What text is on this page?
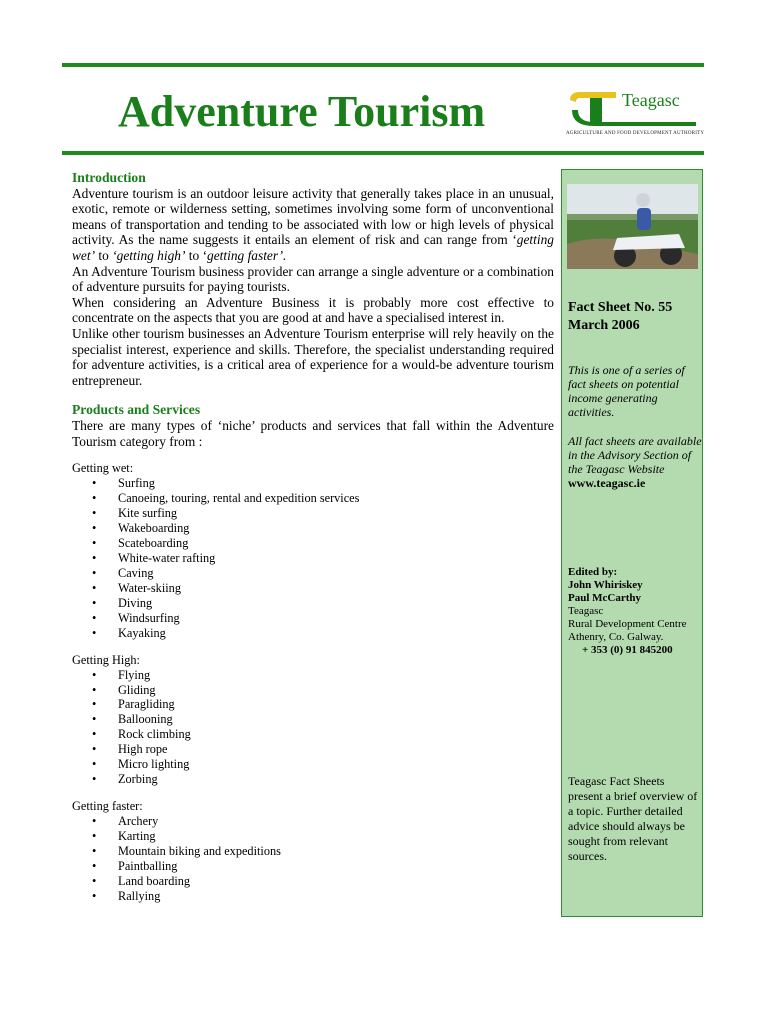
Adventure Tourism	Teagasc
AGRICULTURE AND FOOD DEVELOPMENT AUTHORITY
Introduction
Adventure tourism is an outdoor leisure activity that generally takes place in an unusual, exotic, remote or wilderness setting, sometimes involving some form of unconventional means of transportation and tending to be associated with low or high levels of physical activity. As the name suggests it entails an element of risk and can range from ‘getting wet’ to ‘getting high’ to ‘getting faster’.
An Adventure Tourism business provider can arrange a single adventure or a combination of adventure pursuits for paying tourists.
When considering an Adventure Business it is probably more cost effective to concentrate on the aspects that you are good at and have a specialised interest in.
Unlike other tourism businesses an Adventure Tourism enterprise will rely heavily on the specialist interest, experience and skills. Therefore, the specialist understanding required for adventure activities, is a critical area of experience for a would-be adventure tourism entrepreneur.
Products and Services
There are many types of ‘niche’ products and services that fall within the Adventure Tourism category from :
Getting wet:
• Surfing
• Canoeing, touring, rental and expedition services
• Kite surfing
• Wakeboarding
• Scateboarding
• White-water rafting
• Caving
• Water-skiing
• Diving
• Windsurfing
• Kayaking
Getting High:
• Flying
• Gliding
• Paragliding
• Ballooning
• Rock climbing
• High rope
• Micro lighting
• Zorbing
Getting faster:
• Archery
• Karting
• Mountain biking and expeditions
• Paintballing
• Land boarding
• Rallying
Fact Sheet No. 55
March 2006
This is one of a series of fact sheets on potential income generating activities.
All fact sheets are available in the Advisory Section of the Teagasc Website
www.teagasc.ie
Edited by:
John Whiriskey
Paul McCarthy
Teagasc
Rural Development Centre
Athenry, Co. Galway.
+ 353 (0) 91 845200
Teagasc Fact Sheets present a brief overview of a topic. Further detailed advice should always be sought from relevant sources.
